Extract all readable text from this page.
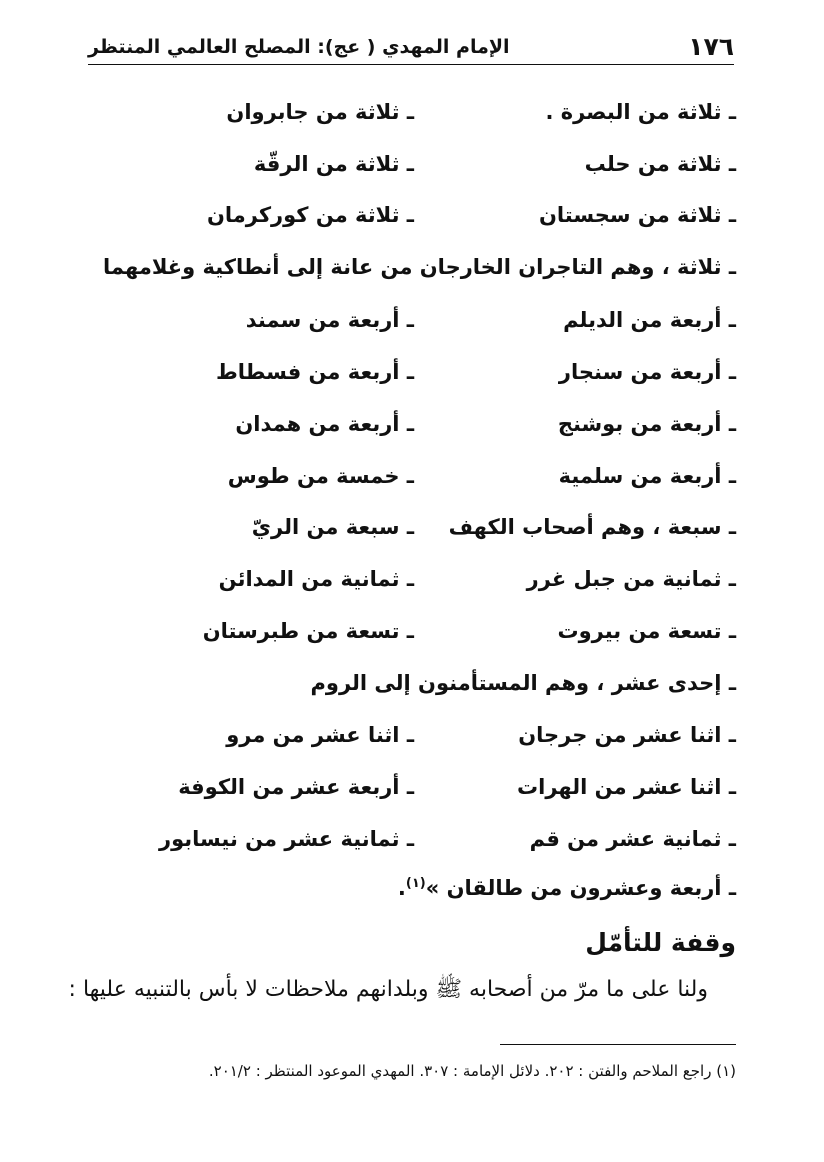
١٧٦
الإمام المهدي ( عج): المصلح العالمي المنتظر
ـ ثلاثة من البصرة .
ـ ثلاثة من جابروان
ـ ثلاثة من حلب
ـ ثلاثة من الرقّة
ـ ثلاثة من سجستان
ـ ثلاثة من كوركرمان
ـ ثلاثة ، وهم التاجران الخارجان من عانة إلى أنطاكية وغلامهما
ـ أربعة من الديلم
ـ أربعة من سمند
ـ أربعة من سنجار
ـ أربعة من فسطاط
ـ أربعة من بوشنج
ـ أربعة من همدان
ـ أربعة من سلمية
ـ خمسة من طوس
ـ سبعة ، وهم أصحاب الكهف
ـ سبعة من الريّ
ـ ثمانية من جبل غرر
ـ ثمانية من المدائن
ـ تسعة من بيروت
ـ تسعة من طبرستان
ـ إحدى عشر ، وهم المستأمنون إلى الروم
ـ اثنا عشر من جرجان
ـ اثنا عشر من مرو
ـ اثنا عشر من الهرات
ـ أربعة عشر من الكوفة
ـ ثمانية عشر من قم
ـ ثمانية عشر من نيسابور
ـ أربعة وعشرون من طالقان »$^{(١)}$.
وقفة للتأمّل
ولنا على ما مرّ من أصحابه ﷺ وبلدانهم ملاحظات لا بأس بالتنبيه عليها :
(١) راجع الملاحم والفتن : ٢٠٢. دلائل الإمامة : ٣٠٧. المهدي الموعود المنتظر : ٢٠١/٢.
